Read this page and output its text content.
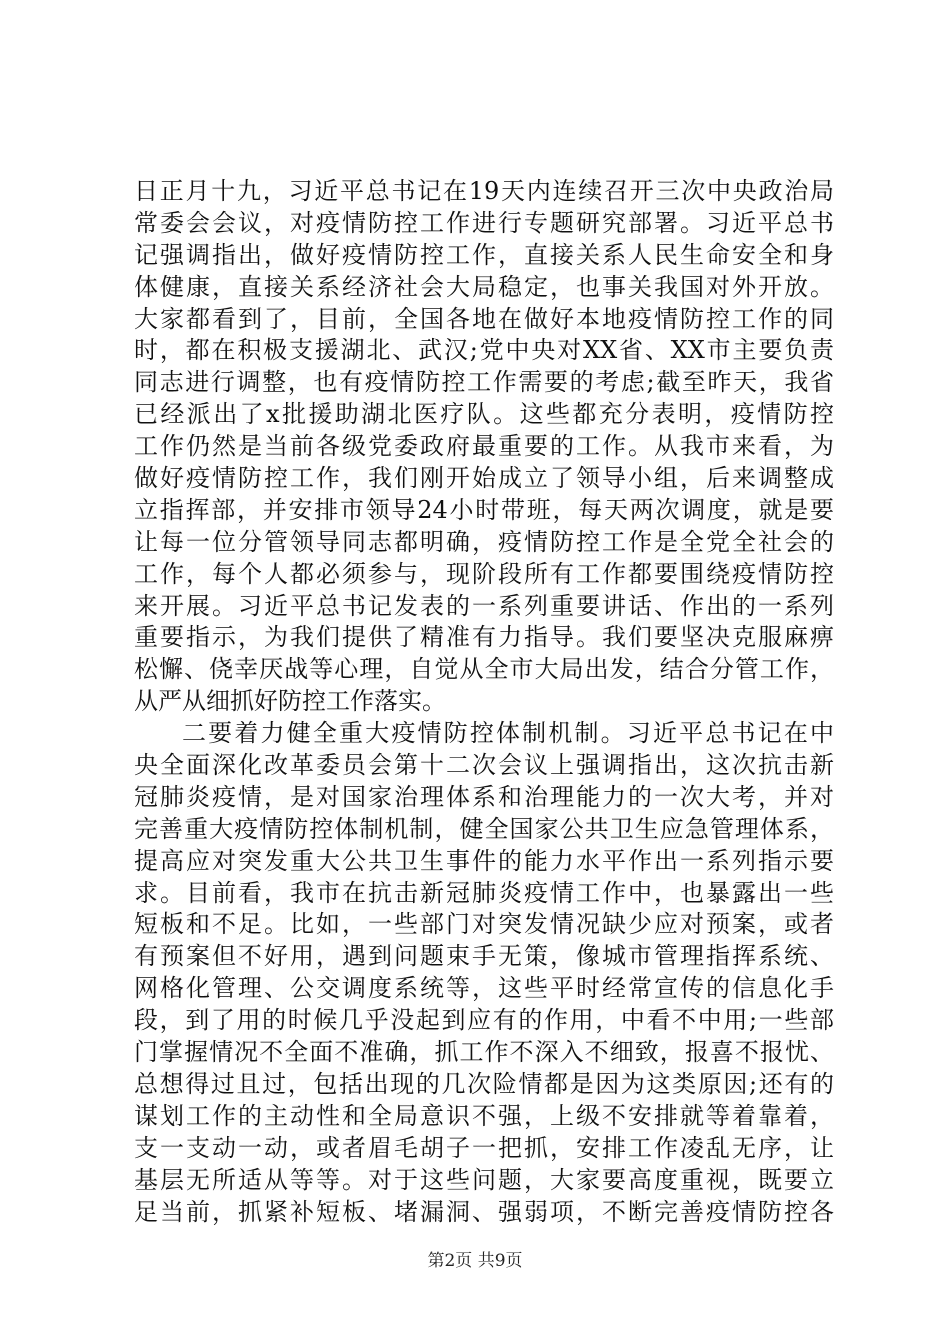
日正月十九，习近平总书记在19天内连续召开三次中央政治局
常委会会议，对疫情防控工作进行专题研究部署。习近平总书
记强调指出，做好疫情防控工作，直接关系人民生命安全和身
体健康，直接关系经济社会大局稳定，也事关我国对外开放。
大家都看到了，目前，全国各地在做好本地疫情防控工作的同
时，都在积极支援湖北、武汉;党中央对XX省、XX市主要负责
同志进行调整，也有疫情防控工作需要的考虑;截至昨天，我省
已经派出了x批援助湖北医疗队。这些都充分表明，疫情防控
工作仍然是当前各级党委政府最重要的工作。从我市来看，为
做好疫情防控工作，我们刚开始成立了领导小组，后来调整成
立指挥部，并安排市领导24小时带班，每天两次调度，就是要
让每一位分管领导同志都明确，疫情防控工作是全党全社会的
工作，每个人都必须参与，现阶段所有工作都要围绕疫情防控
来开展。习近平总书记发表的一系列重要讲话、作出的一系列
重要指示，为我们提供了精准有力指导。我们要坚决克服麻痹
松懈、侥幸厌战等心理，自觉从全市大局出发，结合分管工作，
从严从细抓好防控工作落实。
二要着力健全重大疫情防控体制机制。习近平总书记在中
央全面深化改革委员会第十二次会议上强调指出，这次抗击新
冠肺炎疫情，是对国家治理体系和治理能力的一次大考，并对
完善重大疫情防控体制机制，健全国家公共卫生应急管理体系，
提高应对突发重大公共卫生事件的能力水平作出一系列指示要
求。目前看，我市在抗击新冠肺炎疫情工作中，也暴露出一些
短板和不足。比如，一些部门对突发情况缺少应对预案，或者
有预案但不好用，遇到问题束手无策，像城市管理指挥系统、
网格化管理、公交调度系统等，这些平时经常宣传的信息化手
段，到了用的时候几乎没起到应有的作用，中看不中用;一些部
门掌握情况不全面不准确，抓工作不深入不细致，报喜不报忧、
总想得过且过，包括出现的几次险情都是因为这类原因;还有的
谋划工作的主动性和全局意识不强，上级不安排就等着靠着，
支一支动一动，或者眉毛胡子一把抓，安排工作凌乱无序，让
基层无所适从等等。对于这些问题，大家要高度重视，既要立
足当前，抓紧补短板、堵漏洞、强弱项，不断完善疫情防控各
第2页 共9页
